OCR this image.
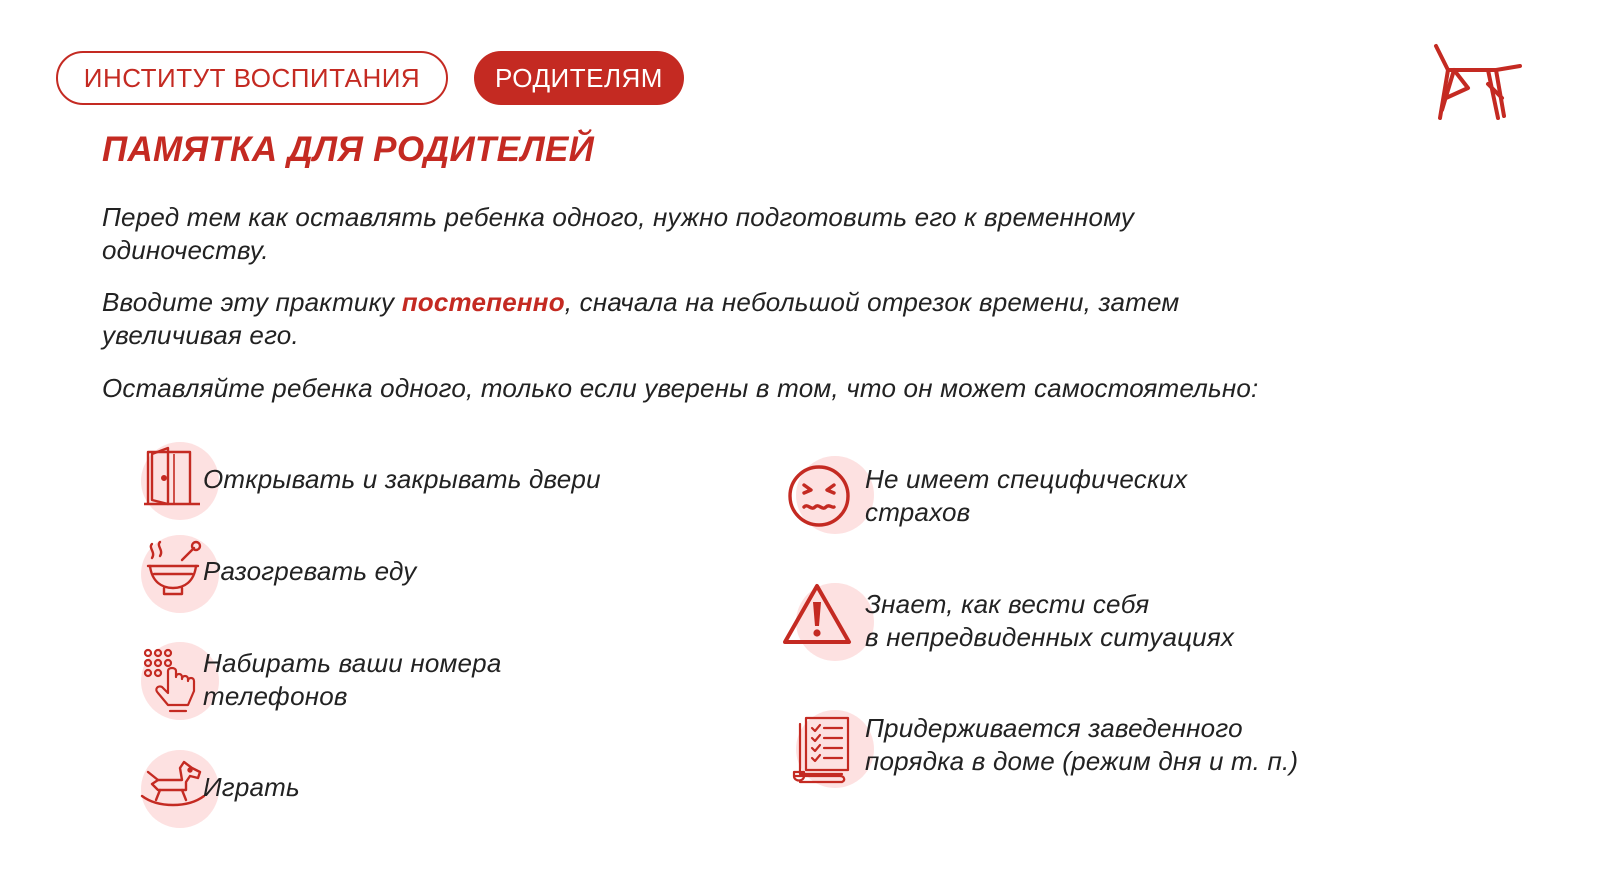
ИНСТИТУТ ВОСПИТАНИЯ	РОДИТЕЛЯМ
ПАМЯТКА ДЛЯ РОДИТЕЛЕЙ

Перед тем как оставлять ребенка одного, нужно подготовить его к временному одиночеству.

Вводите эту практику постепенно, сначала на небольшой отрезок времени, затем увеличивая его.

Оставляйте ребенка одного, только если уверены в том, что он может самостоятельно:

Открывать и закрывать двери

Разогревать еду

Набирать ваши номера
телефонов

Играть

Не имеет специфических
страхов

Знает, как вести себя
в непредвиденных ситуациях

Придерживается заведенного
порядка в доме (режим дня и т. п.)
